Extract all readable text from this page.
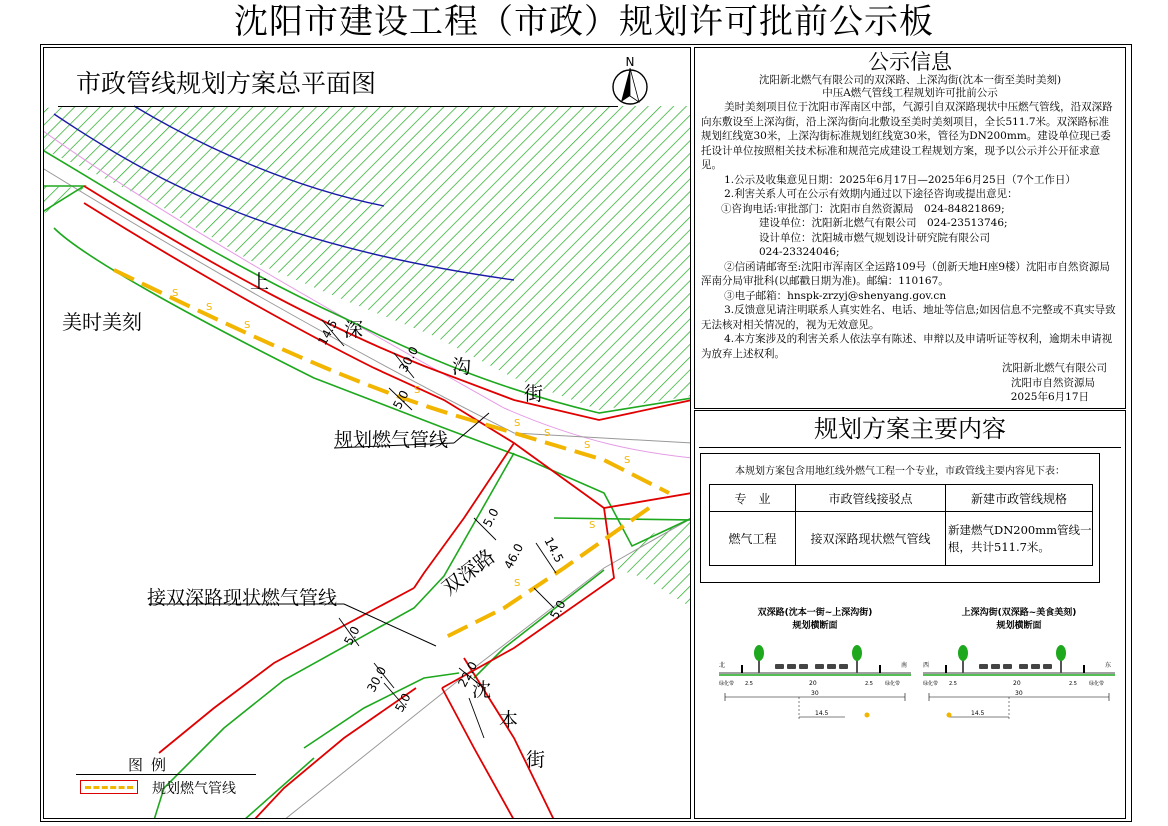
沈阳市建设工程（市政）规划许可批前公示板
S
S
S
S
S
S
S
S
S
S
14.5
30.0
5.0
5.0
46.0 14.5
5.0
5.0
30.0
5.0
22.0
上
深
沟
街
双深路
沈
本
街
市政管线规划方案总平面图
N
美时美刻
规划燃气管线
接双深路现状燃气管线
图例
规划燃气管线
公示信息
沈阳新北燃气有限公司的双深路、上深沟街(沈本一街至美时美刻)
中压A燃气管线工程规划许可批前公示

美时美刻项目位于沈阳市浑南区中部，气源引自双深路现状中压燃气管线，沿双深路向东敷设至上深沟街，沿上深沟街向北敷设至美时美刻项目，全长511.7米。双深路标准规划红线宽30米，上深沟街标准规划红线宽30米，管径为DN200mm。建设单位现已委托设计单位按照相关技术标准和规范完成建设工程规划方案，现予以公示并公开征求意见。

1.公示及收集意见日期：2025年6月17日—2025年6月25日（7个工作日）

2.利害关系人可在公示有效期内通过以下途径咨询或提出意见：

①咨询电话:审批部门：沈阳市自然资源局　024-84821869;

建设单位：沈阳新北燃气有限公司　024-23513746;

设计单位：沈阳城市燃气规划设计研究院有限公司

024-23324046;

②信函请邮寄至:沈阳市浑南区全运路109号（创新天地H座9楼）沈阳市自然资源局浑南分局审批科(以邮戳日期为准)。邮编：110167。

③电子邮箱：hnspk-zrzyj@shenyang.gov.cn

3.反馈意见请注明联系人真实姓名、电话、地址等信息;如因信息不完整或不真实导致无法核对相关情况的，视为无效意见。

4.本方案涉及的利害关系人依法享有陈述、申辩以及申请听证等权利，逾期未申请视为放弃上述权利。

沈阳新北燃气有限公司

沈阳市自然资源局

2025年6月17日

规划方案主要内容
本规划方案包含用地红线外燃气工程一个专业，市政管线主要内容见下表：
专　业	市政管线接驳点	新建市政管线规格
燃气工程	接双深路现状燃气管线	新建燃气DN200mm管线一根，共计511.7米。
双深路(沈本一街~上深沟街)
规划横断面
北	南
绿化带	绿化带
2.5	2.5
20
30
14.5
上深沟街(双深路~美食美刻)
规划横断面
西	东
绿化带	绿化带
2.5	2.5
20
30
14.5
